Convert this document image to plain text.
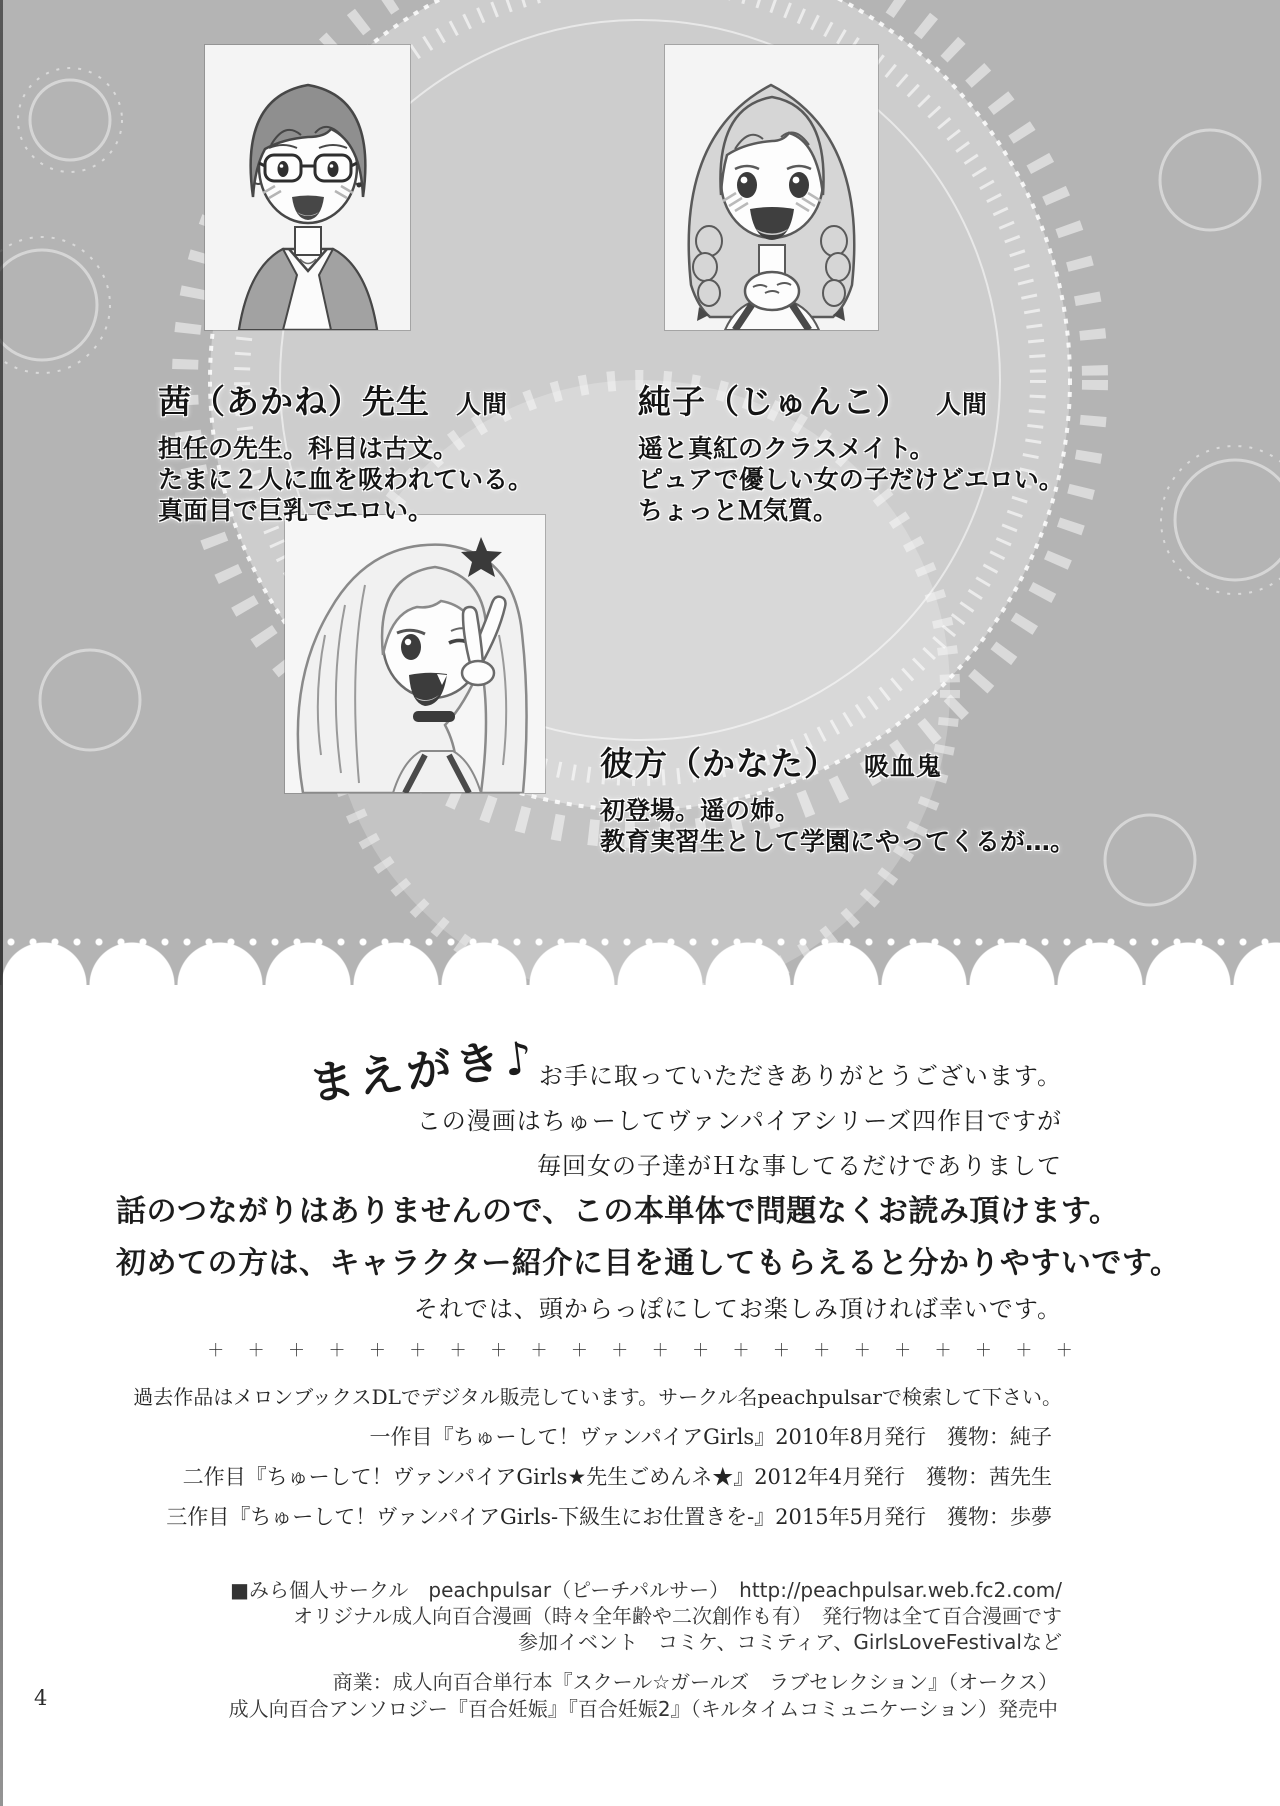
茜（あかね）先生 人間
担任の先生。科目は古文。
たまに２人に血を吸われている。
真面目で巨乳でエロい。
純子（じゅんこ） 人間
遥と真紅のクラスメイト。
ピュアで優しい女の子だけどエロい。
ちょっとＭ気質。
彼方（かなた） 吸血鬼
初登場。遥の姉。
教育実習生として学園にやってくるが…。
まえがき♪ お手に取っていただきありがとうございます。
この漫画はちゅーしてヴァンパイアシリーズ四作目ですが
毎回女の子達がＨな事してるだけでありまして
話のつながりはありませんので、この本単体で問題なくお読み頂けます。
初めての方は、キャラクター紹介に目を通してもらえると分かりやすいです。
それでは、頭からっぽにしてお楽しみ頂ければ幸いです。
＋ ＋ ＋ ＋ ＋ ＋ ＋ ＋ ＋ ＋ ＋ ＋ ＋ ＋ ＋ ＋ ＋ ＋ ＋ ＋ ＋ ＋
過去作品はメロンブックスDLでデジタル販売しています。サークル名peachpulsarで検索して下さい。
一作目『ちゅーして！ヴァンパイアGirls』2010年8月発行　獲物：純子
二作目『ちゅーして！ヴァンパイアGirls★先生ごめんネ★』2012年4月発行　獲物：茜先生
三作目『ちゅーして！ヴァンパイアGirls-下級生にお仕置きを-』2015年5月発行　獲物：歩夢
■みら個人サークル　peachpulsar（ピーチパルサー）　http://peachpulsar.web.fc2.com/
オリジナル成人向百合漫画（時々全年齢や二次創作も有）　発行物は全て百合漫画です
参加イベント　コミケ、コミティア、GirlsLoveFestivalなど
商業：成人向百合単行本『スクール☆ガールズ　ラブセレクション』（オークス）
成人向百合アンソロジー『百合妊娠』『百合妊娠2』（キルタイムコミュニケーション）発売中
4
